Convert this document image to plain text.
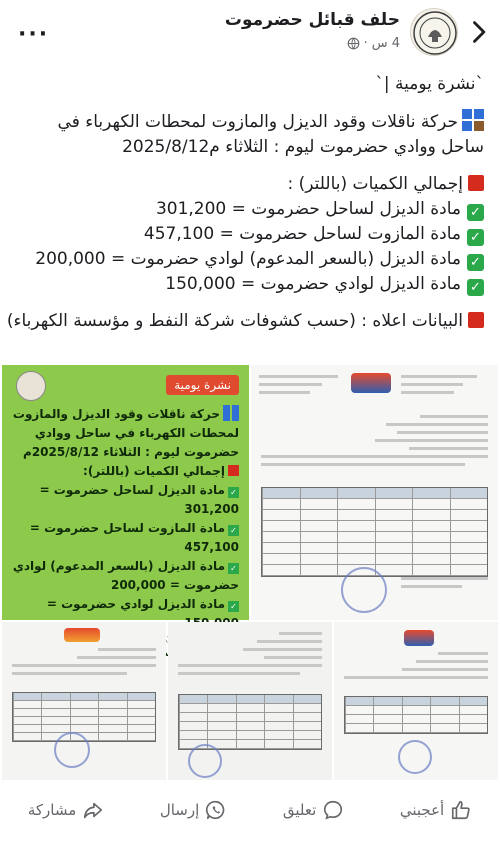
حلف قبائل حضرموت
4 س
·
···
`نشرة يومية |`
حركة ناقلات وقود الديزل والمازوت لمحطات الكهرباء في
ساحل ووادي حضرموت ليوم : الثلاثاء م2025/8/12
إجمالي الكميات (باللتر) :
✓مادة الديزل لساحل حضرموت = 301,200
✓مادة المازوت لساحل حضرموت = 457,100
✓مادة الديزل (بالسعر المدعوم) لوادي حضرموت = 200,000
✓مادة الديزل لوادي حضرموت = 150,000
البيانات اعلاه : (حسب كشوفات شركة النفط و مؤسسة الكهرباء)
نشرة يومية
حركة ناقلات وقود الديزل والمازوت لمحطات الكهرباء في ساحل ووادي حضرموت ليوم : الثلاثاء 2025/8/12م
إجمالي الكميات (باللتر):
✓مادة الديزل لساحل حضرموت = 301,200
✓مادة المازوت لساحل حضرموت = 457,100
✓مادة الديزل (بالسعر المدعوم) لوادي حضرموت = 200,000
✓مادة الديزل لوادي حضرموت =
أعجبني
تعليق
إرسال
مشاركة
